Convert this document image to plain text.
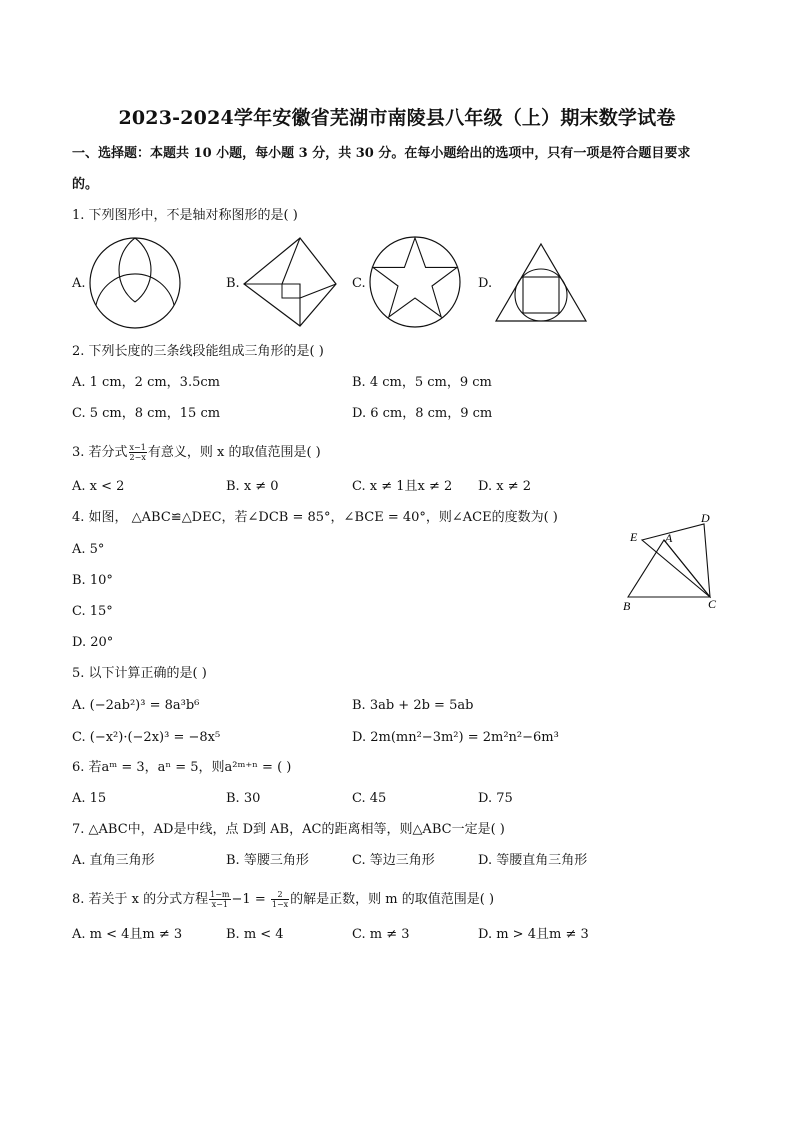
2023-2024学年安徽省芜湖市南陵县八年级（上）期末数学试卷
一、选择题：本题共 10 小题，每小题 3 分，共 30 分。在每小题给出的选项中，只有一项是符合题目要求
的。
1. 下列图形中，不是轴对称图形的是( )
A.	B.	C.	D.
2. 下列长度的三条线段能组成三角形的是( )
A. 1 cm，2 cm，3.5cm	B. 4 cm，5 cm，9 cm
C. 5 cm，8 cm，15 cm	D. 6 cm，8 cm，9 cm
3. 若分式 $\frac{x-1}{2-x}$ 有意义，则 x 的取值范围是( )
A. x < 2	B. x ≠ 0	C. x ≠ 1且x ≠ 2 D. x ≠ 2
4. 如图， △ABC≌△DEC，若∠DCB = 85°，∠BCE = 40°，则∠ACE的度数为( )
A. 5°
B. 10°
C. 15°
D. 20°
E A
D
B	C
5. 以下计算正确的是( )
A. (−2ab²)³ = 8a³b⁶	B. 3ab + 2b = 5ab
C. (−x²)·(−2x)³ = −8x⁵	D. 2m(mn²−3m²) = 2m²n²−6m³
6. 若aᵐ = 3，aⁿ = 5，则a²ᵐ⁺ⁿ = ( )
A. 15	B. 30	C. 45	D. 75
7. △ABC中，AD是中线，点 D到 AB，AC的距离相等，则△ABC一定是( )
A. 直角三角形	B. 等腰三角形	C. 等边三角形	D. 等腰直角三角形
8. 若关于 x 的分式方程 $\frac{1-m}{x-1} -1 = \frac{2}{1-x}$ 的解是正数，则 m 的取值范围是( )
A. m < 4且m ≠ 3	B. m < 4	C. m ≠ 3	D. m > 4且m ≠ 3
